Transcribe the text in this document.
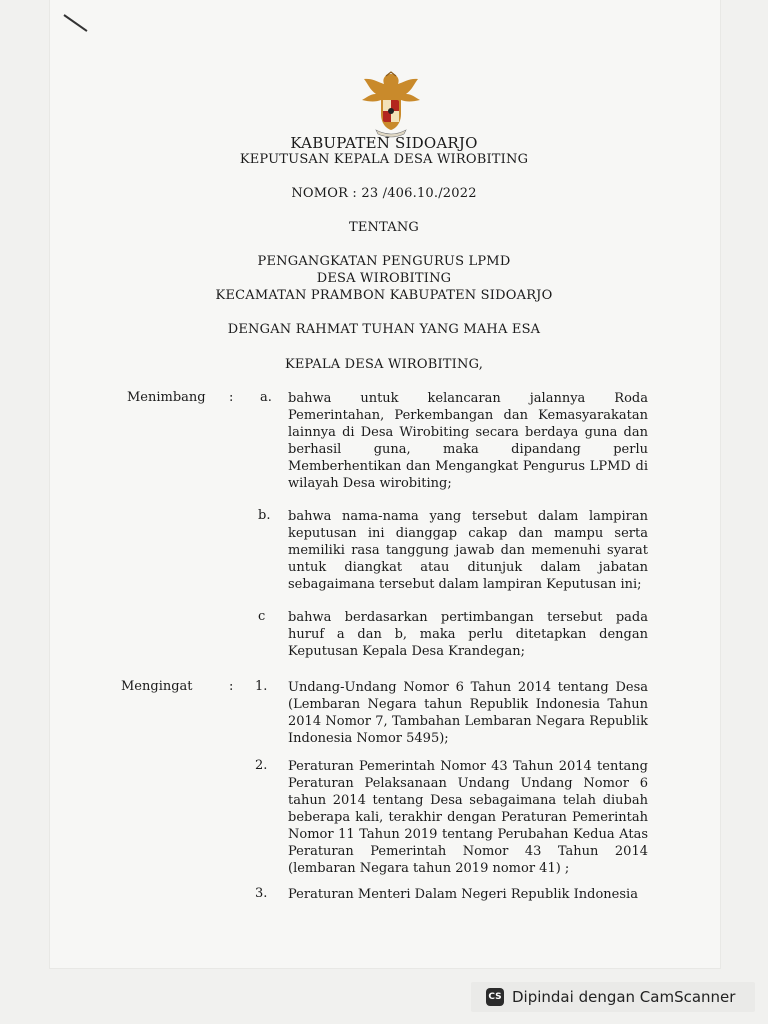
KABUPATEN SIDOARJO
KEPUTUSAN KEPALA DESA WIROBITING
NOMOR : 23 /406.10./2022
TENTANG
PENGANGKATAN PENGURUS LPMD
DESA WIROBITING
KECAMATAN PRAMBON KABUPATEN SIDOARJO
DENGAN RAHMAT TUHAN YANG MAHA ESA
KEPALA DESA WIROBITING,
Menimbang : a. bahwa untuk kelancaran jalannya Roda Pemerintahan, Perkembangan dan Kemasyarakatan lainnya di Desa Wirobiting secara berdaya guna dan berhasil guna, maka dipandang perlu Memberhentikan dan Mengangkat Pengurus LPMD di wilayah Desa wirobiting;

b. bahwa nama-nama yang tersebut dalam lampiran keputusan ini dianggap cakap dan mampu serta memiliki rasa tanggung jawab dan memenuhi syarat untuk diangkat atau ditunjuk dalam jabatan sebagaimana tersebut dalam lampiran Keputusan ini;

c bahwa berdasarkan pertimbangan tersebut pada huruf a dan b, maka perlu ditetapkan dengan Keputusan Kepala Desa Krandegan;

Mengingat	: 1. Undang-Undang Nomor 6 Tahun 2014 tentang Desa (Lembaran Negara tahun Republik Indonesia Tahun 2014 Nomor 7, Tambahan Lembaran Negara Republik Indonesia Nomor 5495);

2. Peraturan Pemerintah Nomor 43 Tahun 2014 tentang Peraturan Pelaksanaan Undang Undang Nomor 6 tahun 2014 tentang Desa sebagaimana telah diubah beberapa kali, terakhir dengan Peraturan Pemerintah Nomor 11 Tahun 2019 tentang Perubahan Kedua Atas Peraturan Pemerintah Nomor 43 Tahun 2014 (lembaran Negara tahun 2019 nomor 41) ;

3. Peraturan Menteri Dalam Negeri Republik Indonesia

CS Dipindai dengan CamScanner
